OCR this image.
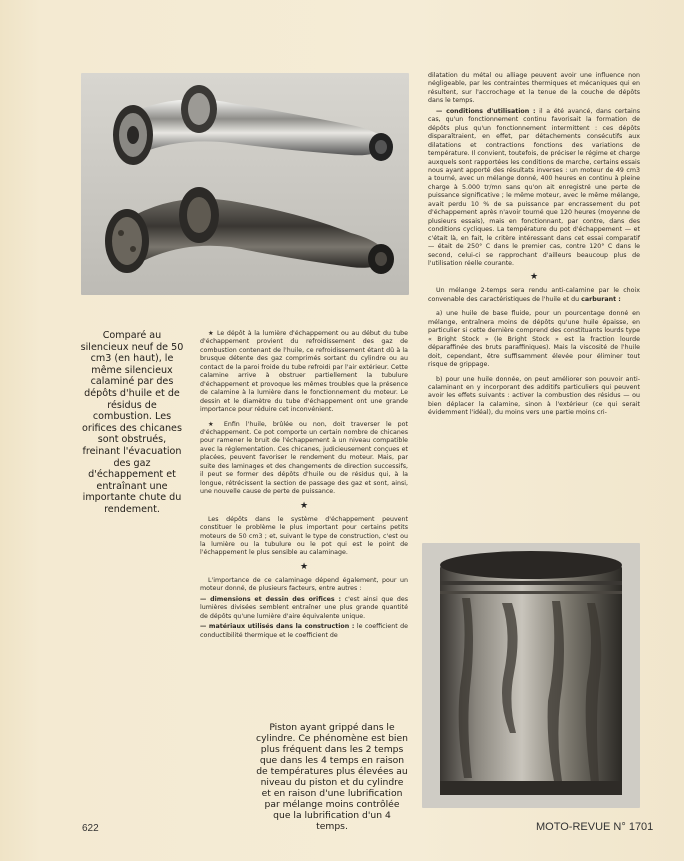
Comparé au silencieux neuf de 50 cm3 (en haut), le même silencieux calaminé par des dépôts d'huile et de résidus de combustion. Les orifices des chicanes sont obstrués, freinant l'évacuation des gaz d'échappement et entraînant une importante chute du rendement.

★ Le dépôt à la lumière d'échappement ou au début du tube d'échappement provient du refroidissement des gaz de combustion contenant de l'huile, ce refroidissement étant dû à la brusque détente des gaz comprimés sortant du cylindre ou au contact de la paroi froide du tube refroidi par l'air extérieur. Cette calamine arrive à obstruer partiellement la tubulure d'échappement et provoque les mêmes troubles que la présence de calamine à la lumière dans le fonctionnement du moteur. Le dessin et le diamètre du tube d'échappement ont une grande importance pour réduire cet inconvénient.

★ Enfin l'huile, brûlée ou non, doit traverser le pot d'échappement. Ce pot comporte un certain nombre de chicanes pour ramener le bruit de l'échappement à un niveau compatible avec la réglementation. Ces chicanes, judicieusement conçues et placées, peuvent favoriser le rendement du moteur. Mais, par suite des laminages et des changements de direction successifs, il peut se former des dépôts d'huile ou de résidus qui, à la longue, rétrécissent la section de passage des gaz et sont, ainsi, une nouvelle cause de perte de puissance.

★

Les dépôts dans le système d'échappement peuvent constituer le problème le plus important pour certains petits moteurs de 50 cm3 ; et, suivant le type de construction, c'est ou la lumière ou la tubulure ou le pot qui est le point de l'échappement le plus sensible au calaminage.

★

L'importance de ce calaminage dépend également, pour un moteur donné, de plusieurs facteurs, entre autres :

— dimensions et dessin des orifices : c'est ainsi que des lumières divisées semblent entraîner une plus grande quantité de dépôts qu'une lumière d'aire équivalente unique.

— matériaux utilisés dans la construction : le coefficient de conductibilité thermique et le coefficient de

dilatation du métal ou alliage peuvent avoir une influence non négligeable, par les contraintes thermiques et mécaniques qui en résultent, sur l'accrochage et la tenue de la couche de dépôts dans le temps.

— conditions d'utilisation : il a été avancé, dans certains cas, qu'un fonctionnement continu favorisait la formation de dépôts plus qu'un fonctionnement intermittent : ces dépôts disparaîtraient, en effet, par détachements consécutifs aux dilatations et contractions fonctions des variations de température. Il convient, toutefois, de préciser le régime et charge auxquels sont rapportées les conditions de marche, certains essais nous ayant apporté des résultats inverses : un moteur de 49 cm3 a tourné, avec un mélange donné, 400 heures en continu à pleine charge à 5.000 tr/mn sans qu'on ait enregistré une perte de puissance significative ; le même moteur, avec le même mélange, avait perdu 10 % de sa puissance par encrassement du pot d'échappement après n'avoir tourné que 120 heures (moyenne de plusieurs essais), mais en fonctionnant, par contre, dans des conditions cycliques. La température du pot d'échappement — et c'était là, en fait, le critère intéressant dans cet essai comparatif — était de 250° C dans le premier cas, contre 120° C dans le second, celui-ci se rapprochant d'ailleurs beaucoup plus de l'utilisation réelle courante.

★

Un mélange 2-temps sera rendu anti-calamine par le choix convenable des caractéristiques de l'huile et du carburant :

a) une huile de base fluide, pour un pourcentage donné en mélange, entraînera moins de dépôts qu'une huile épaisse, en particulier si cette dernière comprend des constituants lourds type « Bright Stock » (le Bright Stock » est la fraction lourde déparaffinée des bruts paraffiniques). Mais la viscosité de l'huile doit, cependant, être suffisamment élevée pour éliminer tout risque de grippage.

b) pour une huile donnée, on peut améliorer son pouvoir anti-calaminant en y incorporant des additifs particuliers qui peuvent avoir les effets suivants : activer la combustion des résidus — ou bien déplacer la calamine, sinon à l'extérieur (ce qui serait évidemment l'idéal), du moins vers une partie moins cri-

Piston ayant grippé dans le cylindre. Ce phénomène est bien plus fréquent dans les 2 temps que dans les 4 temps en raison de températures plus élevées au niveau du piston et du cylindre et en raison d'une lubrification par mélange moins contrôlée que la lubrification d'un 4 temps.
622	MOTO-REVUE N° 1701
